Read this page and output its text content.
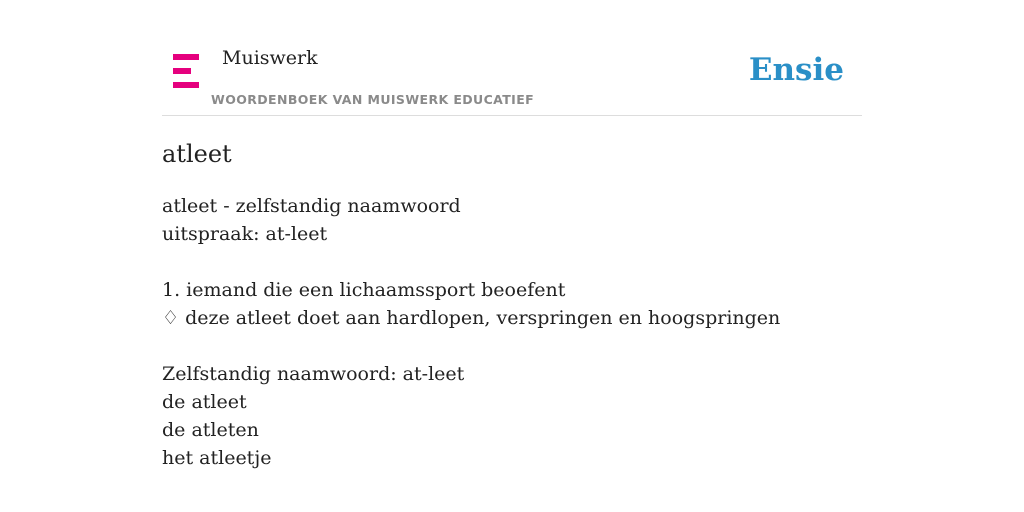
Muiswerk
WOORDENBOEK VAN MUISWERK EDUCATIEF
Ensie
atleet
atleet - zelfstandig naamwoord
uitspraak: at-leet
1. iemand die een lichaamssport beoefent
♢ deze atleet doet aan hardlopen, verspringen en hoogspringen
Zelfstandig naamwoord: at-leet
de atleet
de atleten
het atleetje
